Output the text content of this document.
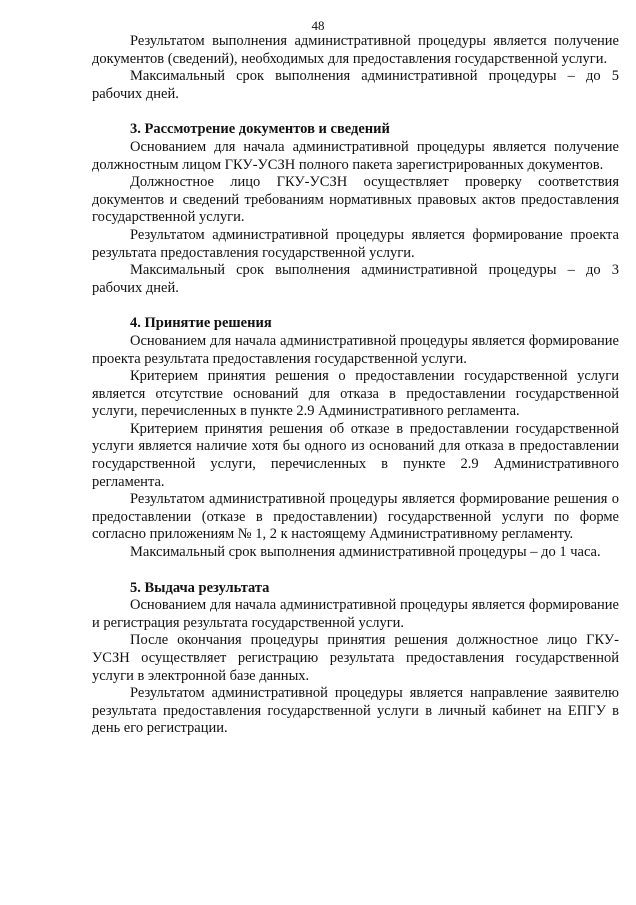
48

Результатом выполнения административной процедуры является получение документов (сведений), необходимых для предоставления государственной услуги.

Максимальный срок выполнения административной процедуры – до 5 рабочих дней.

3. Рассмотрение документов и сведений

Основанием для начала административной процедуры является получение должностным лицом ГКУ-УСЗН полного пакета зарегистрированных документов.

Должностное лицо ГКУ-УСЗН осуществляет проверку соответствия документов и сведений требованиям нормативных правовых актов предоставления государственной услуги.

Результатом административной процедуры является формирование проекта результата предоставления государственной услуги.

Максимальный срок выполнения административной процедуры – до 3 рабочих дней.

4. Принятие решения

Основанием для начала административной процедуры является формирование проекта результата предоставления государственной услуги.

Критерием принятия решения о предоставлении государственной услуги является отсутствие оснований для отказа в предоставлении государственной услуги, перечисленных в пункте 2.9 Административного регламента.

Критерием принятия решения об отказе в предоставлении государственной услуги является наличие хотя бы одного из оснований для отказа в предоставлении государственной услуги, перечисленных в пункте 2.9 Административного регламента.

Результатом административной процедуры является формирование решения о предоставлении (отказе в предоставлении) государственной услуги по форме согласно приложениям № 1, 2 к настоящему Административному регламенту.

Максимальный срок выполнения административной процедуры – до 1 часа.

5. Выдача результата

Основанием для начала административной процедуры является формирование и регистрация результата государственной услуги.

После окончания процедуры принятия решения должностное лицо ГКУ-УСЗН осуществляет регистрацию результата предоставления государственной услуги в электронной базе данных.

Результатом административной процедуры является направление заявителю результата предоставления государственной услуги в личный кабинет на ЕПГУ в день его регистрации.
